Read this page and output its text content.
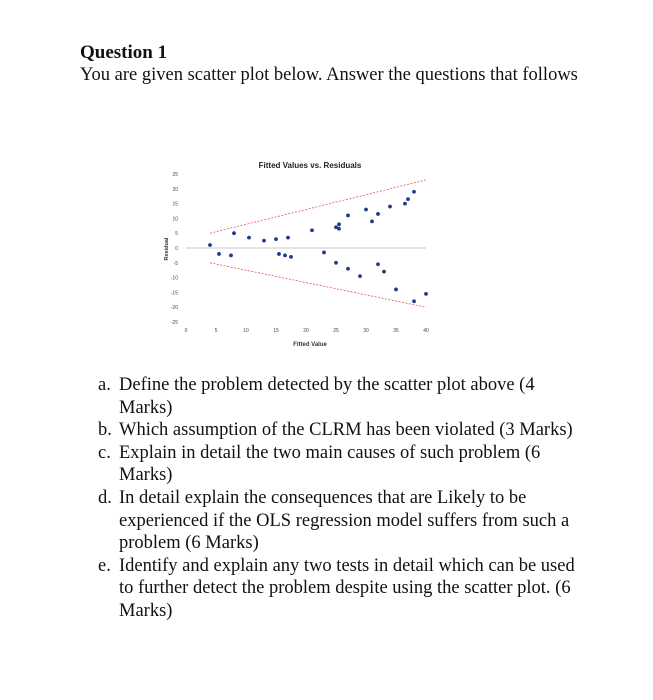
Question 1
You are given scatter plot below. Answer the questions that follows
Fitted Values vs. Residuals
Fitted Value
Residual
25
20
15
10
5
0
-5
-10
-15
-20
-25
0	5	10	15	20	25	30	35	40
a. Define the problem detected by the scatter plot above (4 Marks)
b. Which assumption of the CLRM has been violated (3 Marks)
c. Explain in detail the two main causes of such problem (6 Marks)
d. In detail explain the consequences that are Likely to be experienced if the OLS regression model suffers from such a problem (6 Marks)
e. Identify and explain any two tests in detail which can be used to further detect the problem despite using the scatter plot. (6 Marks)
